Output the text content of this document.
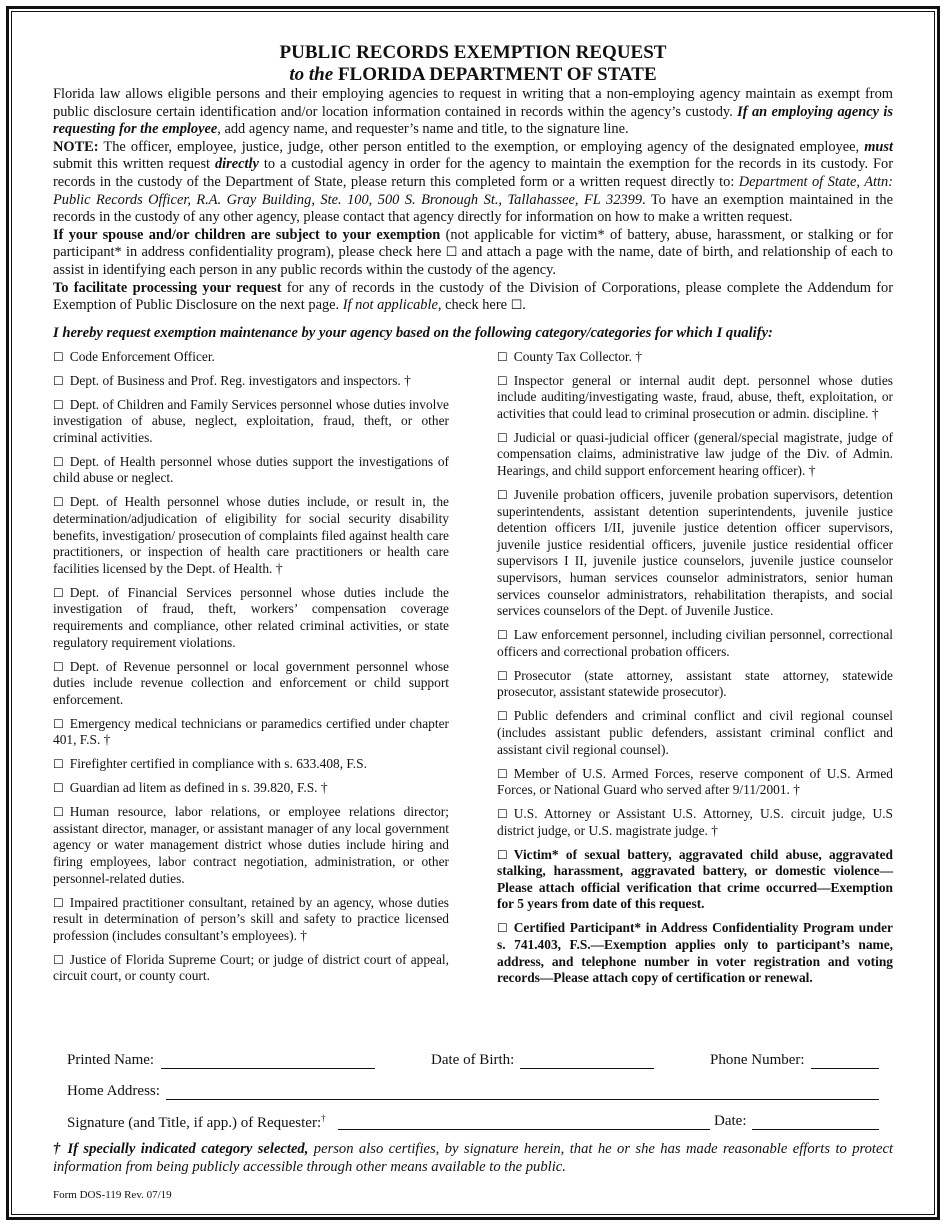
PUBLIC RECORDS EXEMPTION REQUEST
to the FLORIDA DEPARTMENT OF STATE

Florida law allows eligible persons and their employing agencies to request in writing that a non-employing agency maintain as exempt from public disclosure certain identification and/or location information contained in records within the agency’s custody. If an employing agency is requesting for the employee, add agency name, and requester’s name and title, to the signature line.

NOTE: The officer, employee, justice, judge, other person entitled to the exemption, or employing agency of the designated employee, must submit this written request directly to a custodial agency in order for the agency to maintain the exemption for the records in its custody. For records in the custody of the Department of State, please return this completed form or a written request directly to: Department of State, Attn: Public Records Officer, R.A. Gray Building, Ste. 100, 500 S. Bronough St., Tallahassee, FL 32399. To have an exemption maintained in the records in the custody of any other agency, please contact that agency directly for information on how to make a written request.

If your spouse and/or children are subject to your exemption (not applicable for victim* of battery, abuse, harassment, or stalking or for participant* in address confidentiality program), please check here ☐ and attach a page with the name, date of birth, and relationship of each to assist in identifying each person in any public records within the custody of the agency.

To facilitate processing your request for any of records in the custody of the Division of Corporations, please complete the Addendum for Exemption of Public Disclosure on the next page. If not applicable, check here ☐.

I hereby request exemption maintenance by your agency based on the following category/categories for which I qualify:
☐ Code Enforcement Officer.
☐ Dept. of Business and Prof. Reg. investigators and inspectors. †
☐ Dept. of Children and Family Services personnel whose duties involve investigation of abuse, neglect, exploitation, fraud, theft, or other criminal activities.
☐ Dept. of Health personnel whose duties support the investigations of child abuse or neglect.
☐ Dept. of Health personnel whose duties include, or result in, the determination/adjudication of eligibility for social security disability benefits, investigation/ prosecution of complaints filed against health care practitioners, or inspection of health care practitioners or health care facilities licensed by the Dept. of Health. †
☐ Dept. of Financial Services personnel whose duties include the investigation of fraud, theft, workers’ compensation coverage requirements and compliance, other related criminal activities, or state regulatory requirement violations.
☐ Dept. of Revenue personnel or local government personnel whose duties include revenue collection and enforcement or child support enforcement.
☐ Emergency medical technicians or paramedics certified under chapter 401, F.S. †
☐ Firefighter certified in compliance with s. 633.408, F.S.
☐ Guardian ad litem as defined in s. 39.820, F.S. †
☐ Human resource, labor relations, or employee relations director; assistant director, manager, or assistant manager of any local government agency or water management district whose duties include hiring and firing employees, labor contract negotiation, administration, or other personnel-related duties.
☐ Impaired practitioner consultant, retained by an agency, whose duties result in determination of person’s skill and safety to practice licensed profession (includes consultant’s employees). †
☐ Justice of Florida Supreme Court; or judge of district court of appeal, circuit court, or county court.
☐ County Tax Collector. †
☐ Inspector general or internal audit dept. personnel whose duties include auditing/investigating waste, fraud, abuse, theft, exploitation, or activities that could lead to criminal prosecution or admin. discipline. †
☐ Judicial or quasi-judicial officer (general/special magistrate, judge of compensation claims, administrative law judge of the Div. of Admin. Hearings, and child support enforcement hearing officer). †
☐ Juvenile probation officers, juvenile probation supervisors, detention superintendents, assistant detention superintendents, juvenile justice detention officers I/II, juvenile justice detention officer supervisors, juvenile justice residential officers, juvenile justice residential officer supervisors I II, juvenile justice counselors, juvenile justice counselor supervisors, human services counselor administrators, senior human services counselor administrators, rehabilitation therapists, and social services counselors of the Dept. of Juvenile Justice.
☐ Law enforcement personnel, including civilian personnel, correctional officers and correctional probation officers.
☐ Prosecutor (state attorney, assistant state attorney, statewide prosecutor, assistant statewide prosecutor).
☐ Public defenders and criminal conflict and civil regional counsel (includes assistant public defenders, assistant criminal conflict and assistant civil regional counsel).
☐ Member of U.S. Armed Forces, reserve component of U.S. Armed Forces, or National Guard who served after 9/11/2001. †
☐ U.S. Attorney or Assistant U.S. Attorney, U.S. circuit judge, U.S district judge, or U.S. magistrate judge. †
☐ Victim* of sexual battery, aggravated child abuse, aggravated stalking, harassment, aggravated battery, or domestic violence—Please attach official verification that crime occurred—Exemption for 5 years from date of this request.
☐ Certified Participant* in Address Confidentiality Program under s. 741.403, F.S.—Exemption applies only to participant’s name, address, and telephone number in voter registration and voting records—Please attach copy of certification or renewal.
Printed Name:	Date of Birth:	Phone Number:
Home Address:
Signature (and Title, if app.) of Requester:†	Date:
† If specially indicated category selected, person also certifies, by signature herein, that he or she has made reasonable efforts to protect information from being publicly accessible through other means available to the public.
Form DOS-119 Rev. 07/19
